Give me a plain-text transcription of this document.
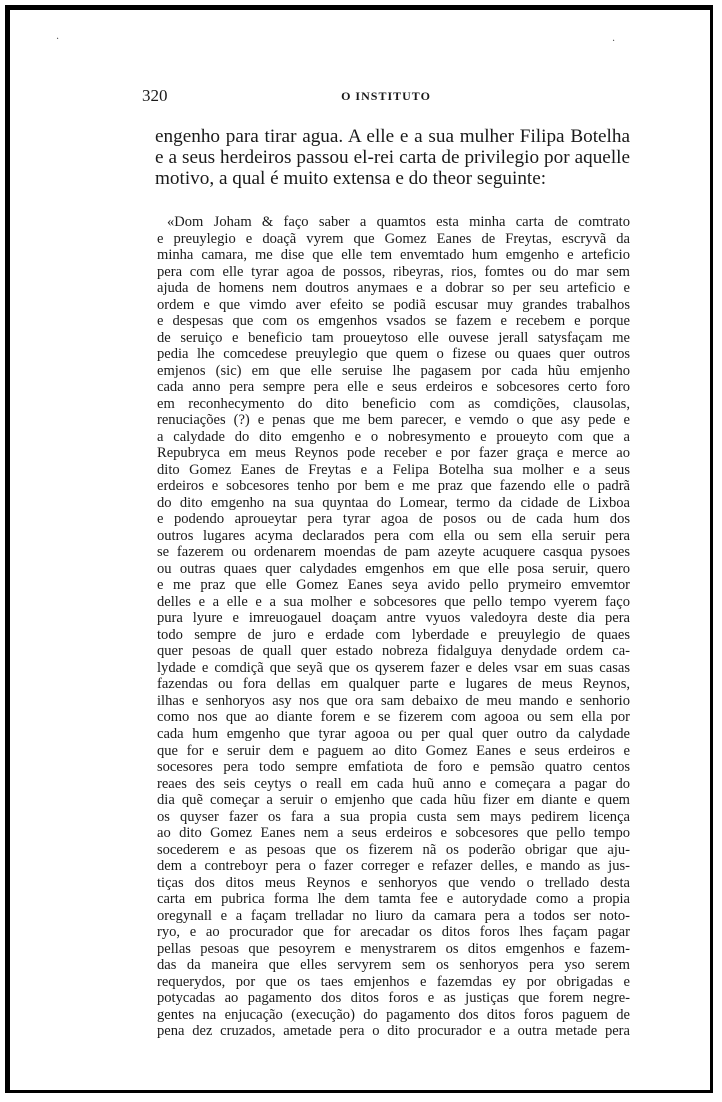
·	·
320	O INSTITUTO
engenho para tirar agua. A elle e a sua mulher Filipa Botelha
e a seus herdeiros passou el-rei carta de privilegio por aquelle
motivo, a qual é muito extensa e do theor seguinte:
«Dom Joham & faço saber a quamtos esta minha carta de comtrato
e preuylegio e doaçã vyrem que Gomez Eanes de Freytas, escryvã da
minha camara, me dise que elle tem envemtado hum emgenho e arteficio
pera com elle tyrar agoa de possos, ribeyras, rios, fomtes ou do mar sem
ajuda de homens nem doutros anymaes e a dobrar so per seu arteficio e
ordem e que vimdo aver efeito se podiã escusar muy grandes trabalhos
e despesas que com os emgenhos vsados se fazem e recebem e porque
de seruiço e beneficio tam proueytoso elle ouvese jerall satysfaçam me
pedia lhe comcedese preuylegio que quem o fizese ou quaes quer outros
emjenos (sic) em que elle seruise lhe pagasem por cada hũu emjenho
cada anno pera sempre pera elle e seus erdeiros e sobcesores certo foro
em reconhecymento do dito beneficio com as comdições, clausolas,
renuciações (?) e penas que me bem parecer, e vemdo o que asy pede e
a calydade do dito emgenho e o nobresymento e proueyto com que a
Repubryca em meus Reynos pode receber e por fazer graça e merce ao
dito Gomez Eanes de Freytas e a Felipa Botelha sua molher e a seus
erdeiros e sobcesores tenho por bem e me praz que fazendo elle o padrã
do dito emgenho na sua quyntaa do Lomear, termo da cidade de Lixboa
e podendo aproueytar pera tyrar agoa de posos ou de cada hum dos
outros lugares acyma declarados pera com ella ou sem ella seruir pera
se fazerem ou ordenarem moendas de pam azeyte acuquere casqua pysoes
ou outras quaes quer calydades emgenhos em que elle posa seruir, quero
e me praz que elle Gomez Eanes seya avido pello prymeiro emvemtor
delles e a elle e a sua molher e sobcesores que pello tempo vyerem faço
pura lyure e imreuogauel doaçam antre vyuos valedoyra deste dia pera
todo sempre de juro e erdade com lyberdade e preuylegio de quaes
quer pesoas de quall quer estado nobreza fidalguya denydade ordem ca-
lydade e comdiçã que seyã que os qyserem fazer e deles vsar em suas casas
fazendas ou fora dellas em qualquer parte e lugares de meus Reynos,
ilhas e senhoryos asy nos que ora sam debaixo de meu mando e senhorio
como nos que ao diante forem e se fizerem com agooa ou sem ella por
cada hum emgenho que tyrar agooa ou per qual quer outro da calydade
que for e seruir dem e paguem ao dito Gomez Eanes e seus erdeiros e
socesores pera todo sempre emfatiota de foro e pemsão quatro centos
reaes des seis ceytys o reall em cada huũ anno e começara a pagar do
dia quẽ começar a seruir o emjenho que cada hũu fizer em diante e quem
os quyser fazer os fara a sua propia custa sem mays pedirem licença
ao dito Gomez Eanes nem a seus erdeiros e sobcesores que pello tempo
socederem e as pesoas que os fizerem nã os poderão obrigar que aju-
dem a contreboyr pera o fazer correger e refazer delles, e mando as jus-
tiças dos ditos meus Reynos e senhoryos que vendo o trellado desta
carta em pubrica forma lhe dem tamta fee e autorydade como a propia
oregynall e a façam trelladar no liuro da camara pera a todos ser noto-
ryo, e ao procurador que for arecadar os ditos foros lhes façam pagar
pellas pesoas que pesoyrem e menystrarem os ditos emgenhos e fazem-
das da maneira que elles servyrem sem os senhoryos pera yso serem
requerydos, por que os taes emjenhos e fazemdas ey por obrigadas e
potycadas ao pagamento dos ditos foros e as justiças que forem negre-
gentes na enjucação (execução) do pagamento dos ditos foros paguem de
pena dez cruzados, ametade pera o dito procurador e a outra metade pera
